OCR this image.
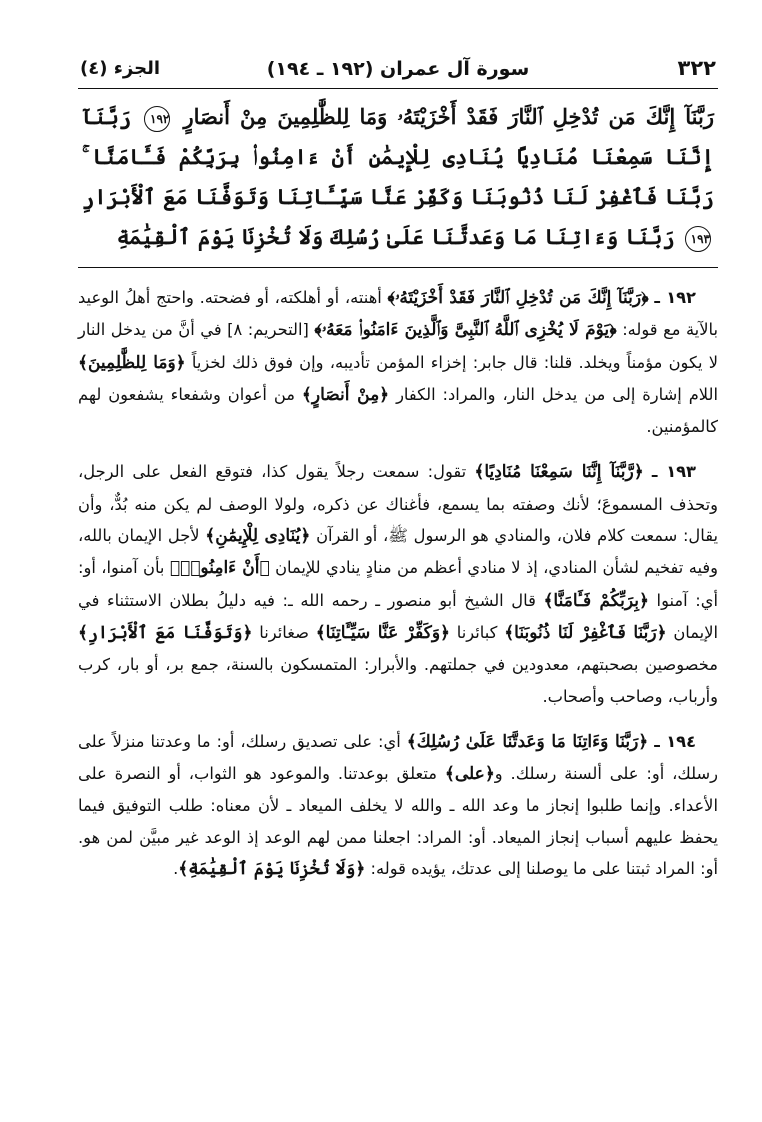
٣٢٢
سورة آل عمران (١٩٢ ـ ١٩٤)
الجزء (٤)
رَبَّنَآ إِنَّكَ مَن تُدْخِلِ ٱلنَّارَ فَقَدْ أَخْزَيْتَهُۥ وَمَا لِلظَّٰلِمِينَ مِنْ أَنصَارٍ ١٩٢ رَبَّنَآ إِنَّنَا سَمِعْنَا مُنَادِيًا يُنَادِى لِلْإِيمَٰنِ أَنْ ءَامِنُوا۟ بِرَبِّكُمْ فَـَٔامَنَّا ۚ رَبَّنَا فَٱغْفِرْ لَنَا ذُنُوبَنَا وَكَفِّرْ عَنَّا سَيِّـَٔاتِنَا وَتَوَفَّنَا مَعَ ٱلْأَبْرَارِ ١٩٣ رَبَّنَا وَءَاتِنَا مَا وَعَدتَّنَا عَلَىٰ رُسُلِكَ وَلَا تُخْزِنَا يَوْمَ ٱلْقِيَٰمَةِ

١٩٢ ـ ﴿رَبَّنَآ إِنَّكَ مَن تُدْخِلِ ٱلنَّارَ فَقَدْ أَخْزَيْتَهُۥ﴾ أهنته، أو أهلكته، أو فضحته. واحتج أهلُ الوعيد بالآية مع قوله: ﴿يَوْمَ لَا يُخْزِى ٱللَّهُ ٱلنَّبِىَّ وَٱلَّذِينَ ءَامَنُوا۟ مَعَهُۥ﴾ [التحريم: ٨] في أنَّ من يدخل النار لا يكون مؤمناً ويخلد. قلنا: قال جابر: إخزاء المؤمن تأديبه، وإن فوق ذلك لخزياً ﴿وَمَا لِلظَّٰلِمِينَ﴾ اللام إشارة إلى من يدخل النار، والمراد: الكفار ﴿مِنْ أَنصَارٍ﴾ من أعوان وشفعاء يشفعون لهم كالمؤمنين.

١٩٣ ـ ﴿رَّبَّنَآ إِنَّنَا سَمِعْنَا مُنَادِيًا﴾ تقول: سمعت رجلاً يقول كذا، فتوقع الفعل على الرجل، وتحذف المسموعَ؛ لأنك وصفته بما يسمع، فأغناك عن ذكره، ولولا الوصف لم يكن منه بُدٌّ، وأن يقال: سمعت كلام فلان، والمنادي هو الرسول ﷺ، أو القرآن ﴿يُنَادِى لِلْإِيمَٰنِ﴾ لأجل الإيمان بالله، وفيه تفخيم لشأن المنادي، إذ لا منادي أعظم من منادٍ ينادي للإيمان ﴿أَنْ ءَامِنُوا۟﴾ بأن آمنوا، أو: أي: آمنوا ﴿بِرَبِّكُمْ فَـَٔامَنَّا﴾ قال الشيخ أبو منصور ـ رحمه الله ـ: فيه دليلُ بطلان الاستثناء في الإيمان ﴿رَبَّنَا فَٱغْفِرْ لَنَا ذُنُوبَنَا﴾ كبائرنا ﴿وَكَفِّرْ عَنَّا سَيِّـَٔاتِنَا﴾ صغائرنا ﴿وَتَوَفَّنَا مَعَ ٱلْأَبْرَارِ﴾ مخصوصين بصحبتهم، معدودين في جملتهم. والأبرار: المتمسكون بالسنة، جمع بر، أو بار، كرب وأرباب، وصاحب وأصحاب.

١٩٤ ـ ﴿رَبَّنَا وَءَاتِنَا مَا وَعَدتَّنَا عَلَىٰ رُسُلِكَ﴾ أي: على تصديق رسلك، أو: ما وعدتنا منزلاً على رسلك، أو: على ألسنة رسلك. و﴿على﴾ متعلق بوعدتنا. والموعود هو الثواب، أو النصرة على الأعداء. وإنما طلبوا إنجاز ما وعد الله ـ والله لا يخلف الميعاد ـ لأن معناه: طلب التوفيق فيما يحفظ عليهم أسباب إنجاز الميعاد. أو: المراد: اجعلنا ممن لهم الوعد إذ الوعد غير مبيَّن لمن هو. أو: المراد ثبتنا على ما يوصلنا إلى عدتك، يؤيده قوله: ﴿وَلَا تُخْزِنَا يَوْمَ ٱلْقِيَٰمَةِ﴾.
